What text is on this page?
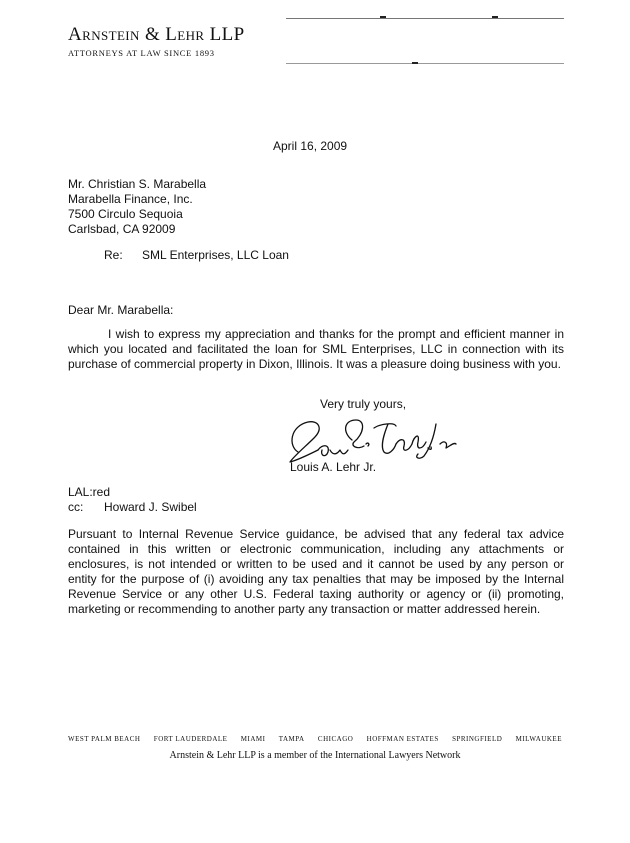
Arnstein & Lehr LLP
ATTORNEYS AT LAW SINCE 1893
April 16, 2009
Mr. Christian S. Marabella
Marabella Finance, Inc.
7500 Circulo Sequoia
Carlsbad, CA 92009
Re: SML Enterprises, LLC Loan
Dear Mr. Marabella:
I wish to express my appreciation and thanks for the prompt and efficient manner in which you located and facilitated the loan for SML Enterprises, LLC in connection with its purchase of commercial property in Dixon, Illinois. It was a pleasure doing business with you.
Very truly yours,
Louis A. Lehr Jr.
LAL:red
cc: Howard J. Swibel
Pursuant to Internal Revenue Service guidance, be advised that any federal tax advice contained in this written or electronic communication, including any attachments or enclosures, is not intended or written to be used and it cannot be used by any person or entity for the purpose of (i) avoiding any tax penalties that may be imposed by the Internal Revenue Service or any other U.S. Federal taxing authority or agency or (ii) promoting, marketing or recommending to another party any transaction or matter addressed herein.
WEST PALM BEACH FORT LAUDERDALE MIAMI TAMPA CHICAGO HOFFMAN ESTATES SPRINGFIELD MILWAUKEE
Arnstein & Lehr LLP is a member of the International Lawyers Network
